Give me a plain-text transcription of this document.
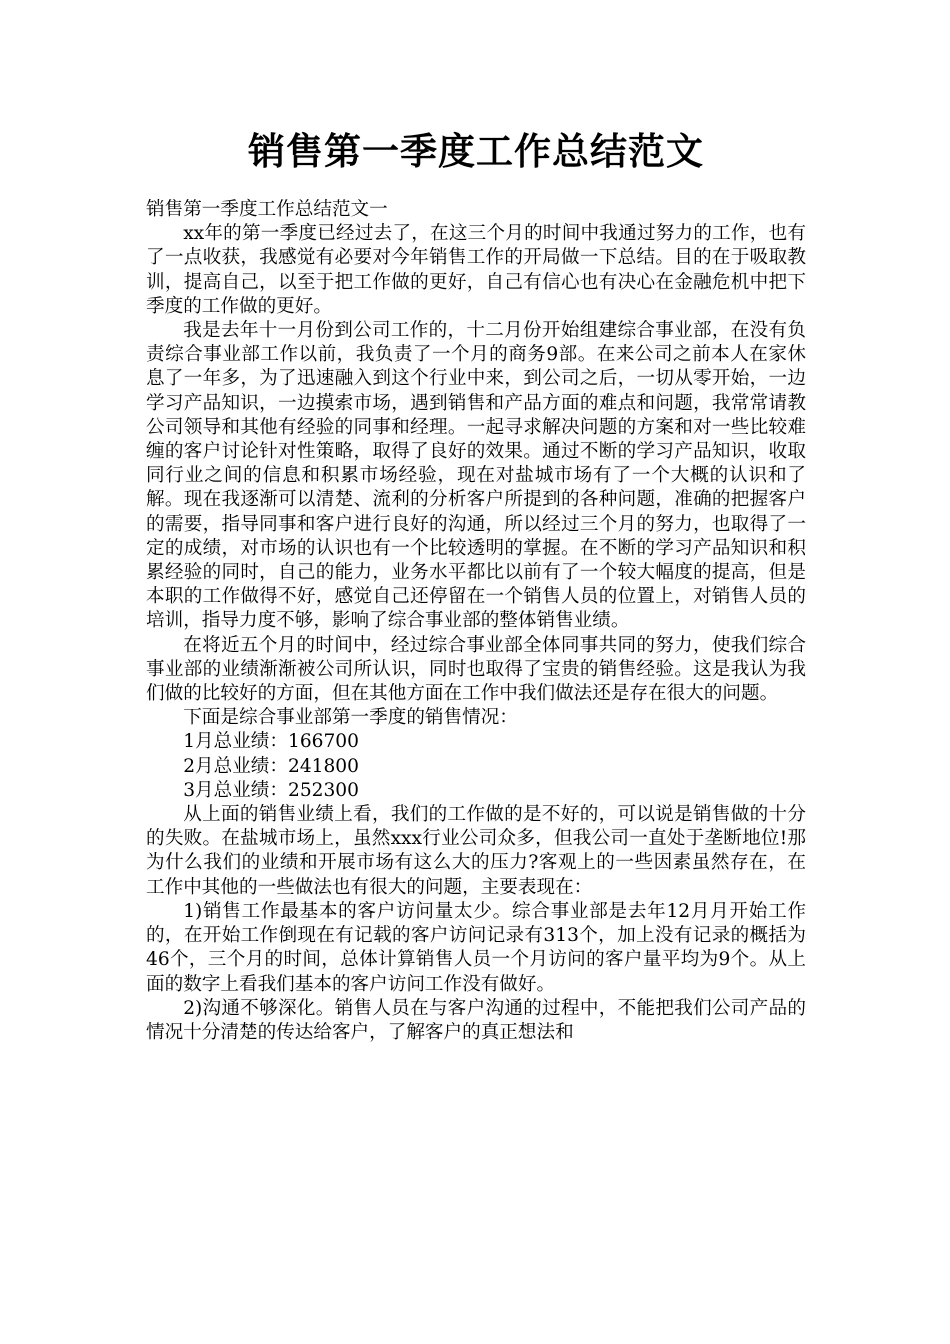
销售第一季度工作总结范文

销售第一季度工作总结范文一

xx年的第一季度已经过去了，在这三个月的时间中我通过努力的工作，也有了一点收获，我感觉有必要对今年销售工作的开局做一下总结。目的在于吸取教训，提高自己，以至于把工作做的更好，自己有信心也有决心在金融危机中把下季度的工作做的更好。

我是去年十一月份到公司工作的，十二月份开始组建综合事业部，在没有负责综合事业部工作以前，我负责了一个月的商务9部。在来公司之前本人在家休息了一年多，为了迅速融入到这个行业中来，到公司之后，一切从零开始，一边学习产品知识，一边摸索市场，遇到销售和产品方面的难点和问题，我常常请教公司领导和其他有经验的同事和经理。一起寻求解决问题的方案和对一些比较难缠的客户讨论针对性策略，取得了良好的效果。通过不断的学习产品知识，收取同行业之间的信息和积累市场经验，现在对盐城市场有了一个大概的认识和了解。现在我逐渐可以清楚、流利的分析客户所提到的各种问题，准确的把握客户的需要，指导同事和客户进行良好的沟通，所以经过三个月的努力，也取得了一定的成绩，对市场的认识也有一个比较透明的掌握。在不断的学习产品知识和积累经验的同时，自己的能力，业务水平都比以前有了一个较大幅度的提高，但是本职的工作做得不好，感觉自己还停留在一个销售人员的位置上，对销售人员的培训，指导力度不够，影响了综合事业部的整体销售业绩。

在将近五个月的时间中，经过综合事业部全体同事共同的努力，使我们综合事业部的业绩渐渐被公司所认识，同时也取得了宝贵的销售经验。这是我认为我们做的比较好的方面，但在其他方面在工作中我们做法还是存在很大的问题。

下面是综合事业部第一季度的销售情况：

1月总业绩：166700

2月总业绩：241800

3月总业绩：252300

从上面的销售业绩上看，我们的工作做的是不好的，可以说是销售做的十分的失败。在盐城市场上，虽然xxx行业公司众多，但我公司一直处于垄断地位!那为什么我们的业绩和开展市场有这么大的压力?客观上的一些因素虽然存在，在工作中其他的一些做法也有很大的问题，主要表现在：

1)销售工作最基本的客户访问量太少。综合事业部是去年12月月开始工作的，在开始工作倒现在有记载的客户访问记录有313个，加上没有记录的概括为46个，三个月的时间，总体计算销售人员一个月访问的客户量平均为9个。从上面的数字上看我们基本的客户访问工作没有做好。

2)沟通不够深化。销售人员在与客户沟通的过程中，不能把我们公司产品的情况十分清楚的传达给客户，了解客户的真正想法和
